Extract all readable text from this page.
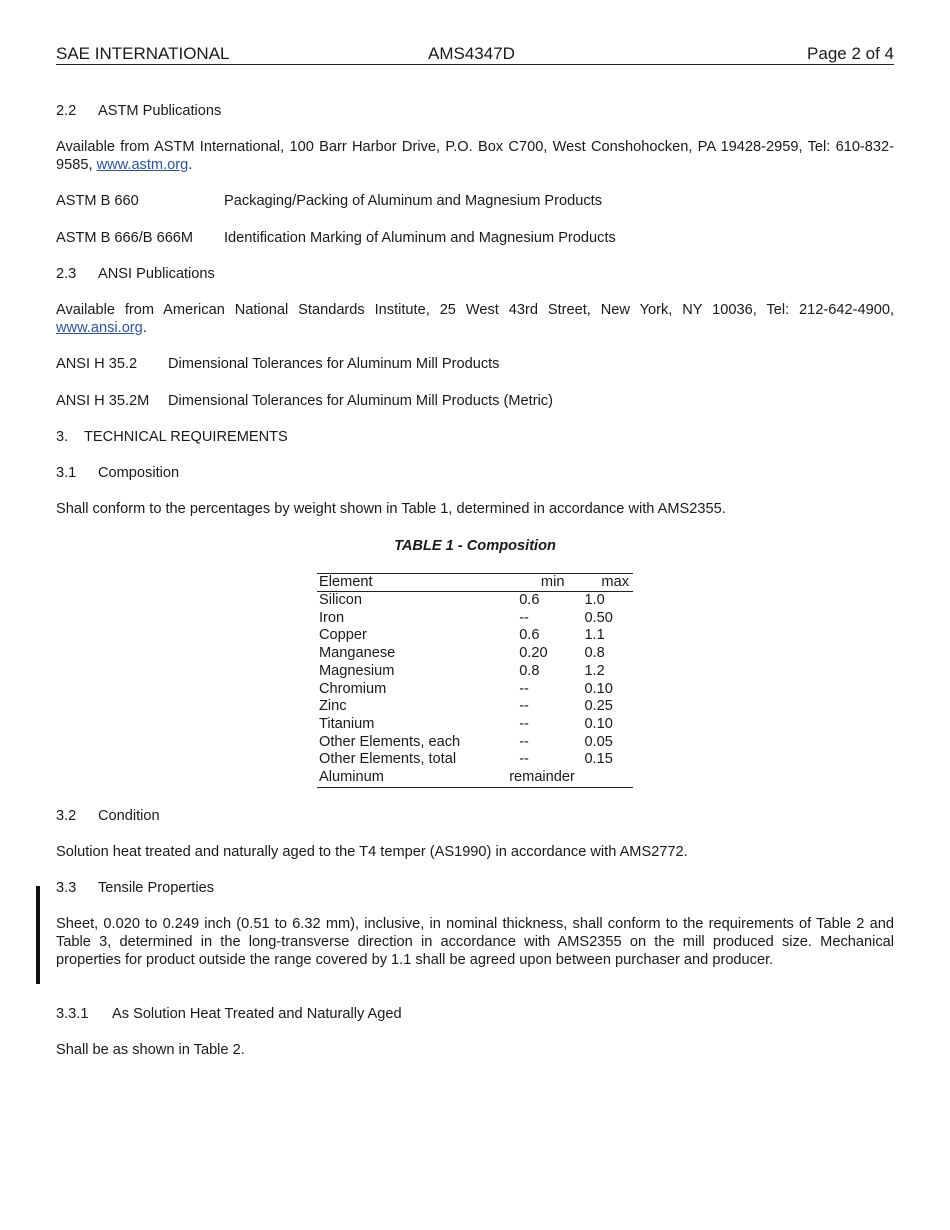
SAE INTERNATIONAL	AMS4347D	Page 2 of 4
2.2 ASTM Publications
Available from ASTM International, 100 Barr Harbor Drive, P.O. Box C700, West Conshohocken, PA 19428-2959, Tel: 610-832-9585, www.astm.org.
ASTM B 660	Packaging/Packing of Aluminum and Magnesium Products
ASTM B 666/B 666M Identification Marking of Aluminum and Magnesium Products
2.3 ANSI Publications
Available from American National Standards Institute, 25 West 43rd Street, New York, NY 10036, Tel: 212-642-4900, www.ansi.org.
ANSI H 35.2 Dimensional Tolerances for Aluminum Mill Products
ANSI H 35.2M Dimensional Tolerances for Aluminum Mill Products (Metric)
3. TECHNICAL REQUIREMENTS
3.1 Composition
Shall conform to the percentages by weight shown in Table 1, determined in accordance with AMS2355.
TABLE 1 - Composition
Element	min	max
Silicon	0.6	1.0
Iron	--	0.50
Copper	0.6	1.1
Manganese	0.20	0.8
Magnesium	0.8	1.2
Chromium	--	0.10
Zinc	--	0.25
Titanium	--	0.10
Other Elements, each	--	0.05
Other Elements, total	--	0.15
Aluminum	remainder	
3.2 Condition
Solution heat treated and naturally aged to the T4 temper (AS1990) in accordance with AMS2772.
3.3 Tensile Properties
Sheet, 0.020 to 0.249 inch (0.51 to 6.32 mm), inclusive, in nominal thickness, shall conform to the requirements of Table 2 and Table 3, determined in the long-transverse direction in accordance with AMS2355 on the mill produced size. Mechanical properties for product outside the range covered by 1.1 shall be agreed upon between purchaser and producer.
3.3.1 As Solution Heat Treated and Naturally Aged
Shall be as shown in Table 2.
